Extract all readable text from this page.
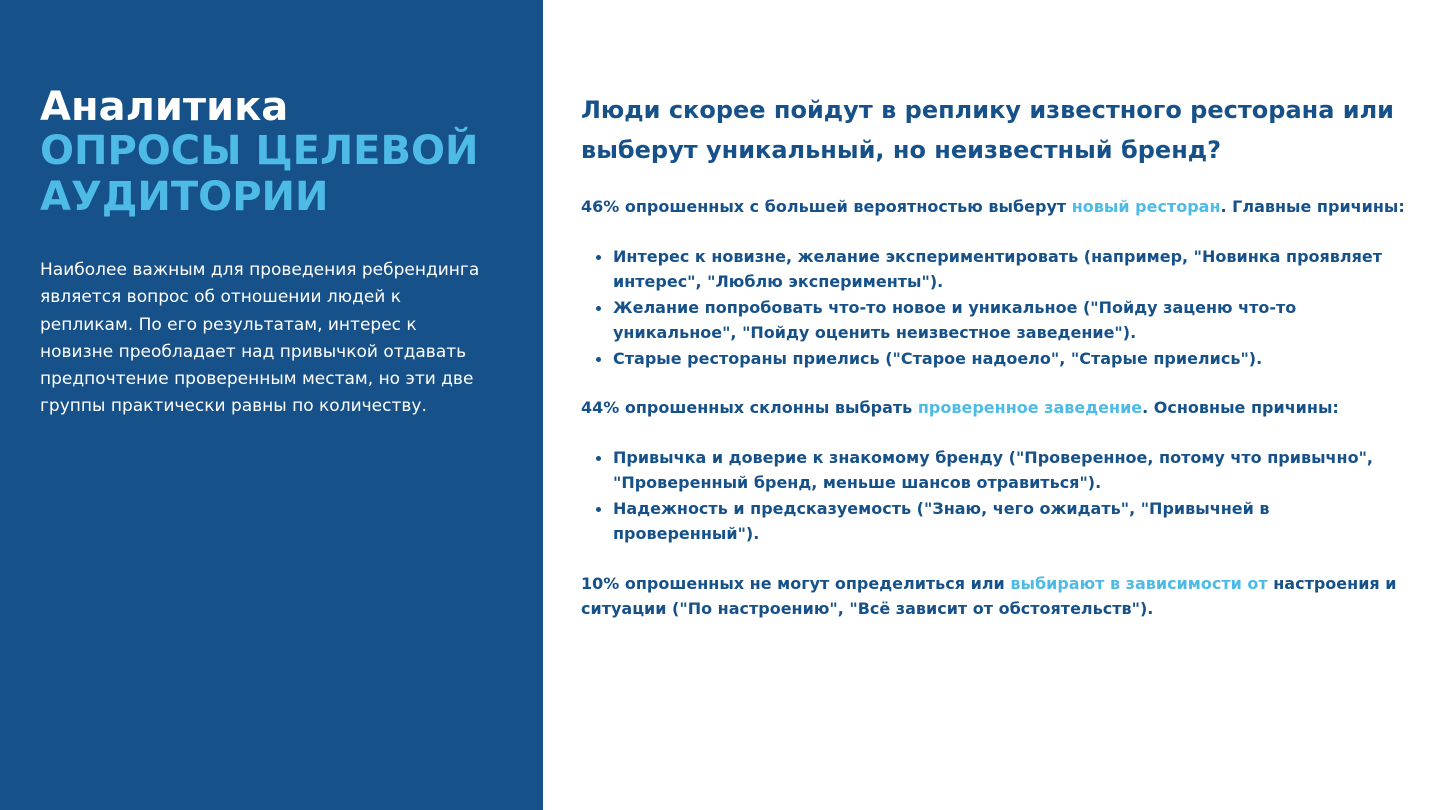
Аналитика
ОПРОСЫ ЦЕЛЕВОЙ АУДИТОРИИ

Наиболее важным для проведения ребрендинга является вопрос об отношении людей к репликам. По его результатам, интерес к новизне преобладает над привычкой отдавать предпочтение проверенным местам, но эти две группы практически равны по количеству.

Люди скорее пойдут в реплику известного ресторана или выберут уникальный, но неизвестный бренд?

46% опрошенных с большей вероятностью выберут новый ресторан. Главные причины:

Интерес к новизне, желание экспериментировать (например, "Новинка проявляет интерес", "Люблю эксперименты").
Желание попробовать что-то новое и уникальное ("Пойду заценю что-то уникальное", "Пойду оценить неизвестное заведение").
Старые рестораны приелись ("Старое надоело", "Старые приелись").

44% опрошенных склонны выбрать проверенное заведение. Основные причины:

Привычка и доверие к знакомому бренду ("Проверенное, потому что привычно", "Проверенный бренд, меньше шансов отравиться").
Надежность и предсказуемость ("Знаю, чего ожидать", "Привычней в проверенный").

10% опрошенных не могут определиться или выбирают в зависимости от настроения и ситуации ("По настроению", "Всё зависит от обстоятельств").
